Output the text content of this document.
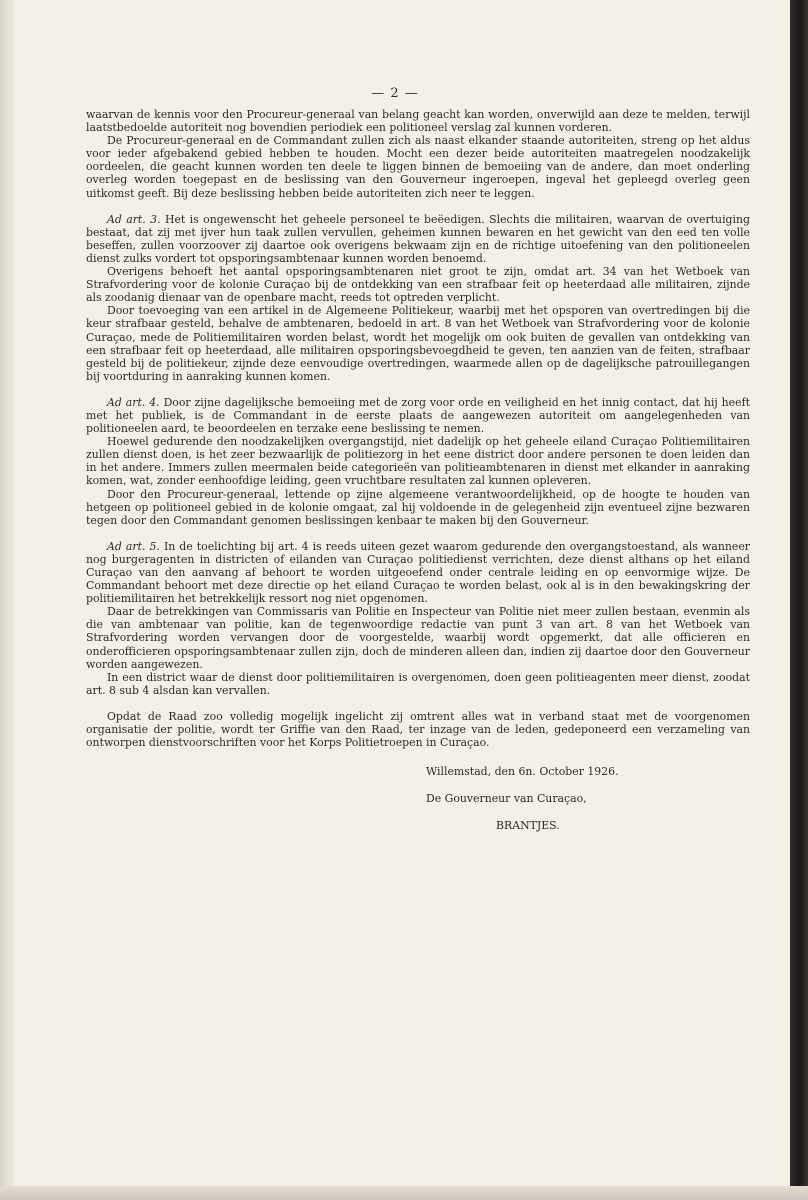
— 2 —

waarvan de kennis voor den Procureur-generaal van belang geacht kan worden, onverwijld aan deze te melden, terwijl laatstbedoelde autoriteit nog bovendien periodiek een politioneel verslag zal kunnen vorderen.

De Procureur-generaal en de Commandant zullen zich als naast elkander staande autoriteiten, streng op het aldus voor ieder afgebakend gebied hebben te houden. Mocht een dezer beide autoriteiten maatregelen noodzakelijk oordeelen, die geacht kunnen worden ten deele te liggen binnen de bemoeiing van de andere, dan moet onderling overleg worden toegepast en de beslissing van den Gouverneur ingeroepen, ingeval het gepleegd overleg geen uitkomst geeft. Bij deze beslissing hebben beide autoriteiten zich neer te leggen.

Ad art. 3. Het is ongewenscht het geheele personeel te beëedigen. Slechts die militairen, waarvan de overtuiging bestaat, dat zij met ijver hun taak zullen vervullen, geheimen kunnen bewaren en het gewicht van den eed ten volle beseffen, zullen voorzoover zij daartoe ook overigens bekwaam zijn en de richtige uitoefening van den politioneelen dienst zulks vordert tot opsporingsambtenaar kunnen worden benoemd.

Overigens behoeft het aantal opsporingsambtenaren niet groot te zijn, omdat art. 34 van het Wetboek van Strafvordering voor de kolonie Curaçao bij de ontdekking van een strafbaar feit op heeterdaad alle militairen, zijnde als zoodanig dienaar van de openbare macht, reeds tot optreden verplicht.

Door toevoeging van een artikel in de Algemeene Politiekeur, waarbij met het opsporen van overtredingen bij die keur strafbaar gesteld, behalve de ambtenaren, bedoeld in art. 8 van het Wetboek van Strafvordering voor de kolonie Curaçao, mede de Politiemilitairen worden belast, wordt het mogelijk om ook buiten de gevallen van ontdekking van een strafbaar feit op heeterdaad, alle militairen opsporingsbevoegdheid te geven, ten aanzien van de feiten, strafbaar gesteld bij de politiekeur, zijnde deze eenvoudige overtredingen, waarmede allen op de dagelijksche patrouillegangen bij voortduring in aanraking kunnen komen.

Ad art. 4. Door zijne dagelijksche bemoeiing met de zorg voor orde en veiligheid en het innig contact, dat hij heeft met het publiek, is de Commandant in de eerste plaats de aangewezen autoriteit om aangelegenheden van politioneelen aard, te beoordeelen en terzake eene beslissing te nemen.

Hoewel gedurende den noodzakelijken overgangstijd, niet dadelijk op het geheele eiland Curaçao Politiemilitairen zullen dienst doen, is het zeer bezwaarlijk de politiezorg in het eene district door andere personen te doen leiden dan in het andere. Immers zullen meermalen beide categorieën van politieambtenaren in dienst met elkander in aanraking komen, wat, zonder eenhoofdige leiding, geen vruchtbare resultaten zal kunnen opleveren.

Door den Procureur-generaal, lettende op zijne algemeene verantwoordelijkheid, op de hoogte te houden van hetgeen op politioneel gebied in de kolonie omgaat, zal hij voldoende in de gelegenheid zijn eventueel zijne bezwaren tegen door den Commandant genomen beslissingen kenbaar te maken bij den Gouverneur.

Ad art. 5. In de toelichting bij art. 4 is reeds uiteen gezet waarom gedurende den overgangstoestand, als wanneer nog burgeragenten in districten of eilanden van Curaçao politiedienst verrichten, deze dienst althans op het eiland Curaçao van den aanvang af behoort te worden uitgeoefend onder centrale leiding en op eenvormige wijze. De Commandant behoort met deze directie op het eiland Curaçao te worden belast, ook al is in den bewakingskring der politiemilitairen het betrekkelijk ressort nog niet opgenomen.

Daar de betrekkingen van Commissaris van Politie en Inspecteur van Politie niet meer zullen bestaan, evenmin als die van ambtenaar van politie, kan de tegenwoordige redactie van punt 3 van art. 8 van het Wetboek van Strafvordering worden vervangen door de voorgestelde, waarbij wordt opgemerkt, dat alle officieren en onderofficieren opsporingsambtenaar zullen zijn, doch de minderen alleen dan, indien zij daartoe door den Gouverneur worden aangewezen.

In een district waar de dienst door politiemilitairen is overgenomen, doen geen politieagenten meer dienst, zoodat art. 8 sub 4 alsdan kan vervallen.

Opdat de Raad zoo volledig mogelijk ingelicht zij omtrent alles wat in verband staat met de voorgenomen organisatie der politie, wordt ter Griffie van den Raad, ter inzage van de leden, gedeponeerd een verzameling van ontworpen dienstvoorschriften voor het Korps Politietroepen in Curaçao.

Willemstad, den 6n. October 1926.
De Gouverneur van Curaçao,
BRANTJES.
